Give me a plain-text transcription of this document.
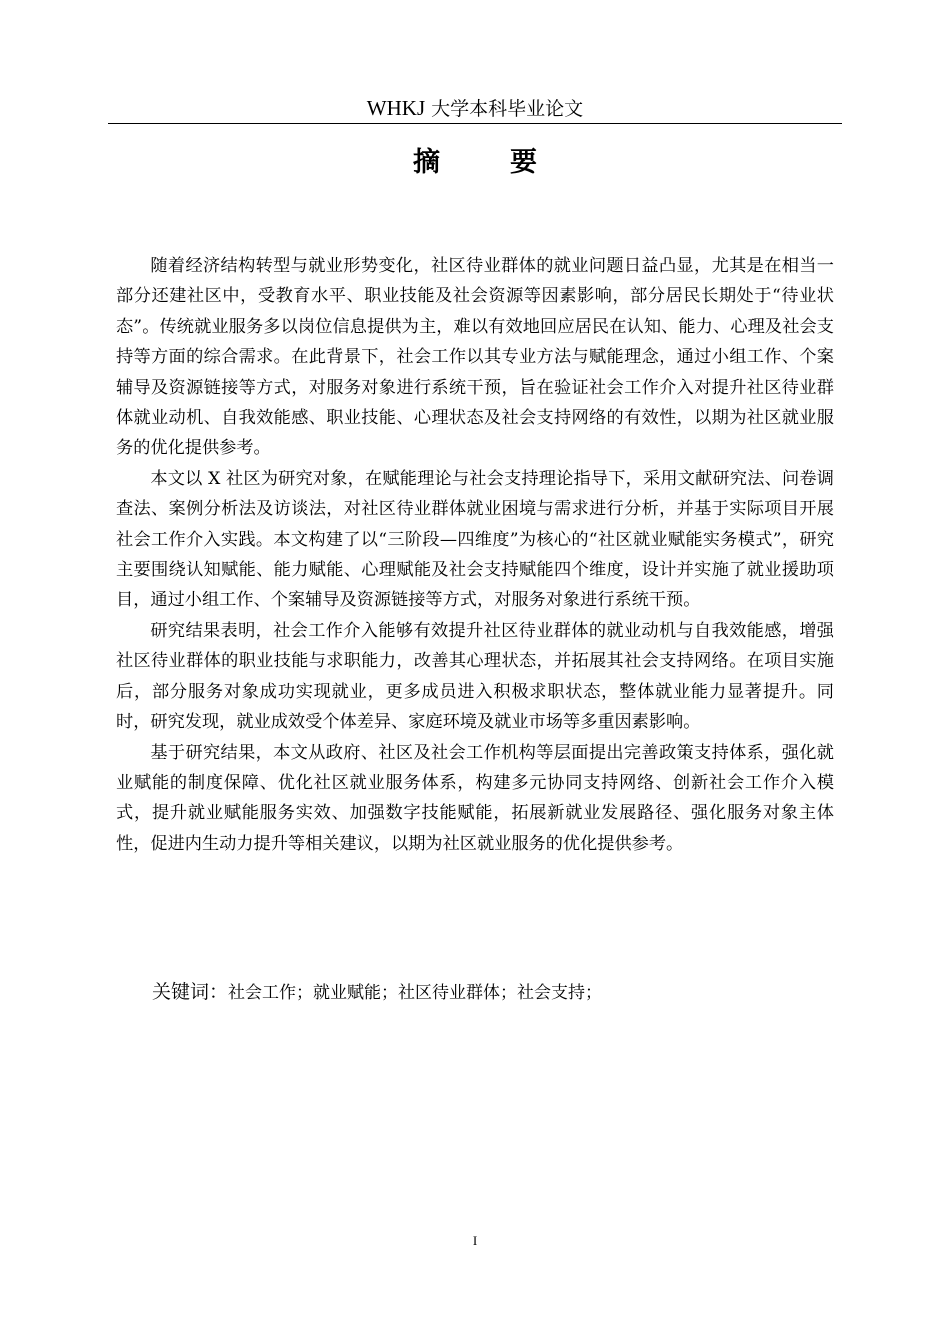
WHKJ 大学本科毕业论文
摘要

随着经济结构转型与就业形势变化，社区待业群体的就业问题日益凸显，尤其是在相当一部分还建社区中，受教育水平、职业技能及社会资源等因素影响，部分居民长期处于“待业状态”。传统就业服务多以岗位信息提供为主，难以有效地回应居民在认知、能力、心理及社会支持等方面的综合需求。在此背景下，社会工作以其专业方法与赋能理念，通过小组工作、个案辅导及资源链接等方式，对服务对象进行系统干预，旨在验证社会工作介入对提升社区待业群体就业动机、自我效能感、职业技能、心理状态及社会支持网络的有效性，以期为社区就业服务的优化提供参考。

本文以 X 社区为研究对象，在赋能理论与社会支持理论指导下，采用文献研究法、问卷调查法、案例分析法及访谈法，对社区待业群体就业困境与需求进行分析，并基于实际项目开展社会工作介入实践。本文构建了以“三阶段—四维度”为核心的“社区就业赋能实务模式”，研究主要围绕认知赋能、能力赋能、心理赋能及社会支持赋能四个维度，设计并实施了就业援助项目，通过小组工作、个案辅导及资源链接等方式，对服务对象进行系统干预。

研究结果表明，社会工作介入能够有效提升社区待业群体的就业动机与自我效能感，增强社区待业群体的职业技能与求职能力，改善其心理状态，并拓展其社会支持网络。在项目实施后，部分服务对象成功实现就业，更多成员进入积极求职状态，整体就业能力显著提升。同时，研究发现，就业成效受个体差异、家庭环境及就业市场等多重因素影响。

基于研究结果，本文从政府、社区及社会工作机构等层面提出完善政策支持体系，强化就业赋能的制度保障、优化社区就业服务体系，构建多元协同支持网络、创新社会工作介入模式，提升就业赋能服务实效、加强数字技能赋能，拓展新就业发展路径、强化服务对象主体性，促进内生动力提升等相关建议，以期为社区就业服务的优化提供参考。

关键词：社会工作；就业赋能；社区待业群体；社会支持；
I
